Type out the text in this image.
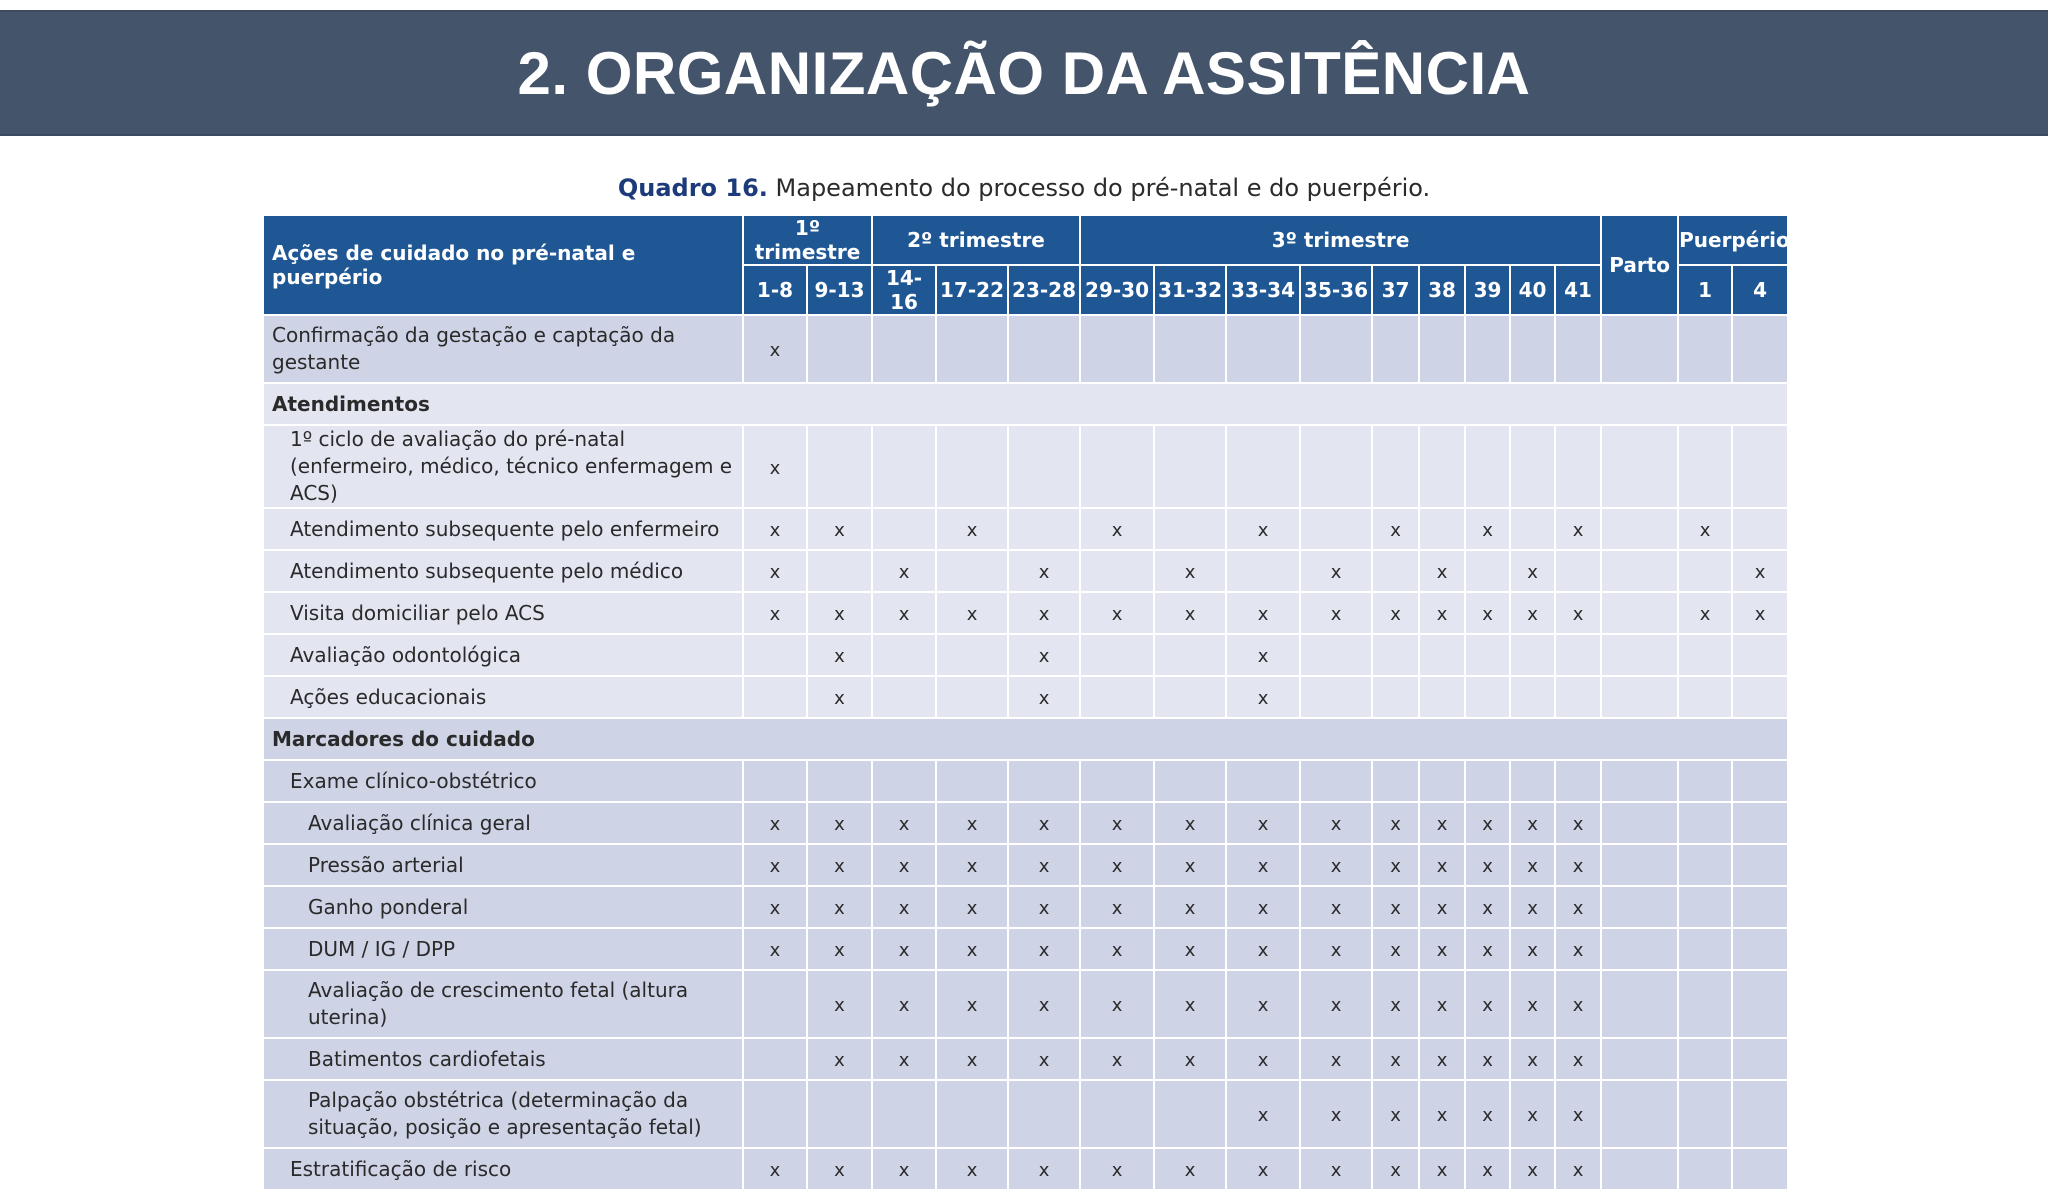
2. ORGANIZAÇÃO DA ASSITÊNCIA
Quadro 16. Mapeamento do processo do pré-natal e do puerpério.
Ações de cuidado no pré-natal e puerpério	1º trimestre		2º trimestre			3º trimestre									Parto	Puerpério	
	1-8	9-13	14-16	17-22	23-28	29-30	31-32	33-34	35-36	37	38	39	40	41		1	4
Confirmação da gestação e captação da gestante	x																
Atendimentos																	
1º ciclo de avaliação do pré-natal (enfermeiro, médico, técnico enfermagem e ACS)	x																
Atendimento subsequente pelo enfermeiro	x	x		x		x		x		x		x		x		x	
Atendimento subsequente pelo médico	x		x		x		x		x		x		x				x
Visita domiciliar pelo ACS	x	x	x	x	x	x	x	x	x	x	x	x	x	x		x	x
Avaliação odontológica		x			x			x									
Ações educacionais		x			x			x									
Marcadores do cuidado																	
Exame clínico-obstétrico																	
Avaliação clínica geral	x	x	x	x	x	x	x	x	x	x	x	x	x	x			
Pressão arterial	x	x	x	x	x	x	x	x	x	x	x	x	x	x			
Ganho ponderal	x	x	x	x	x	x	x	x	x	x	x	x	x	x			
DUM / IG / DPP	x	x	x	x	x	x	x	x	x	x	x	x	x	x			
Avaliação de crescimento fetal (altura uterina)		x	x	x	x	x	x	x	x	x	x	x	x	x			
Batimentos cardiofetais		x	x	x	x	x	x	x	x	x	x	x	x	x			
Palpação obstétrica (determinação da situação, posição e apresentação fetal)								x	x	x	x	x	x	x			
Estratificação de risco	x	x	x	x	x	x	x	x	x	x	x	x	x	x			
